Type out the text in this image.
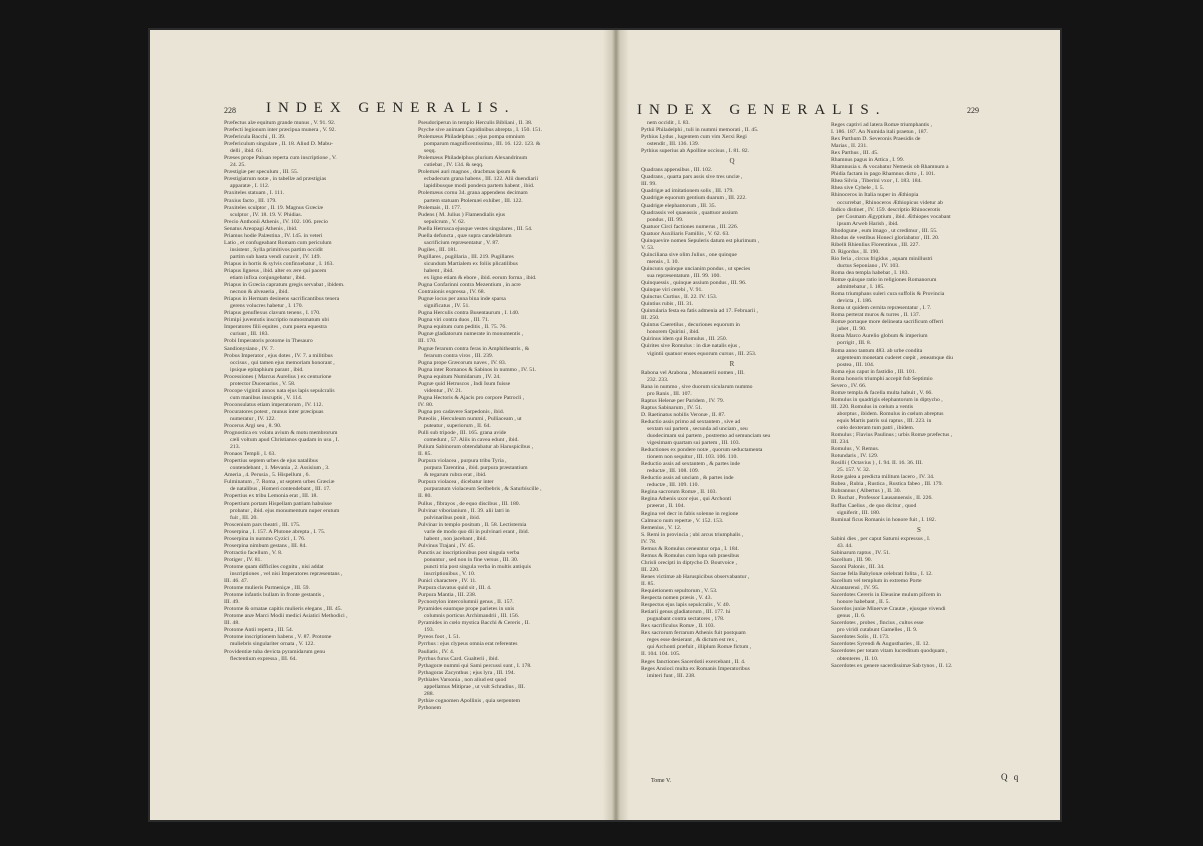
228 INDEX GENERALIS.
Præfectus alæ equitum grande munus , V. 91. 92.
Præfecti legionum inter præcipua munera , V. 92.
Præfericula Bacchi , II. 39.
Præfericulum singulare , II. 18. Aliud D. Mabu-
delli , ibid. 61.
Præses prope Paluan reperta cum inscriptione , V.
24. 25.
Præstigiæ per speculum , III. 55.
Præstigiatrum notæ , in tabellæ ad præstigias
apparatæ , I. 112.
Praxiteles statuam , I. 111.
Praxius facto , III. 179.
Praxiteles sculptor , II. 19. Magnus Græciæ
sculptor , IV. 18. 19. V. Phidias.
Precio Anthonii Athenis , IV. 102. 106. precio
Senatus Areopagi Athenis , ibid.
Priamus hodie Palæstina , IV. 145. in veteri
Latio , et confugeabant Romam cum periculum
insistent , Sylla primitivos partim occidit
partim sub hasta vendi curavit , IV. 149.
Priapus in hortis & sylvis confinxebatur , I. 163.
Priapus ligneus , ibid. alter ex ære qui pacem
etiam infixa conjungebatur , ibid.
Priapus in Græcia capratum gregis servabat , ibidem.
necnon & alveaeria , ibid.
Priapus in Hermam desinens sacrificantibus tenera
gerens volucres habetur , I. 170.
Priapus genuflexus clavum tenens , I. 170.
Primipi juventutis inscriptio numosmatum ubi
Imperatores filii equites , cum puera equestra
curiunt , III. 183.
Probi Imperatoris protome in Thesauro
Sandionysiano , IV. 7.
Probus Imperator , ejus dotes , IV. 7. a militibus
occisus , qui tamen ejus memoriam honorant ,
ipsique epitaphium parant , ibid.
Processiones ( Marcus Aurelius ) ex centurione
protector Ducenarius , V. 58.
Procope vigintii annos nata ejus lapis sepulcralis
cum manibus inscuptis , V. 114.
Proconsulatus etiam imperatorum , IV. 112.
Procuratores potest , munus inter præcipuas
numeratur , IV. 122.
Procerus Argi seu , 8. 90.
Prognostica ex volatu avium & motu membrorum
cæli voltum apud Christianos quadam in usu , I.
213.
Pronaos Templi , I. 63.
Propertius septem urbes de ejus natalibus
contendebant , 1. Mevania , 2. Assisium , 3.
Ameria , 4. Perusia , 5. Hispellum , 6.
Fulminatum , 7. Roma , ut septem urbes Græciæ
de natalibus , Homeri contendebant , III. 17.
Propertius ex tribu Lemonia erat , III. 18.
Propertium portam Hispellam patriam habuisse
probatur , ibid. ejus monumentum nuper erutum
fuit , III. 20.
Proscenium pars theatri , III. 175.
Proserpina , I. 157. A Plutone abrepta , I. 75.
Proserpina in nummo Cyzici , I. 76.
Proserpina nimbum gestans , III. 84.
Protractio facellum , V. 8.
Protiger , IV. 81.
Protome quam difficiles cognitu , nisi addat
inscriptiones , vel nisi Imperatores repræsentans ,
III. 46. 47.
Protome mulieris Parmeniçæ , III. 59.
Protome infantis bullam in fronte gestantis ,
III. 49.
Protome & ornatae capitis mulieris elegans , III. 45.
Protome anæ Marci Modii medici Asiatici Methodici ,
III. 48.
Protome Antii reperta , III. 54.
Protome inscriptionem habens , V. 87. Protome
muliebris singulariter ornata , V. 122.
Providentiæ tuba devicta pyramidarum genu
flectentium expressa , III. 64.
Pseudoriperun in templo Herculis Bibliani , II. 38.
Psyche sive animam Cupidinibus abrepta , I. 150. 151.
Ptolemæus Philadelphus ; ejus pompa omnium
pomparum magnificentissima , III. 16. 122. 123. &
seqq.
Ptolemæus Philadelphus plurium Alexandrinum
cutiebat , IV. 134. & seqq.
Ptolemæi auri magnos , dracbmas ipsum &
ecbadecum grana habens , III. 122. Alii duendiarii
lapidibusque modi pondera partem habent , ibid.
Ptolemæus cornu 34. grana appendens decimam
partem statuam Ptolemæi exhibet , III. 122.
Ptolemais , II. 177.
Pudens ( M. Julius ) Flamendialis ejus
sepulcrum , V. 62.
Puella Hetrusca ejusque vestes singulares , III. 54.
Puella defuncta , quæ supra candelabrum
sacrificium repræsentatur , V. 87.
Pugiles , III. 181.
Pugillares , pugillaria , III. 219. Pugillares
sicundum Martialem ex foliis plicatilibus
habent , ibid.
ex ligno etiam & ebore , ibid. eorum forma , ibid.
Pugna Confarinni contra Mezentium , in acre
Contraionis expressa , IV. 68.
Pugnæ locus per anna bina inde sparsa
significatus , IV. 51.
Pugna Herculis contra Busentaurum , I. 140.
Pugna viri contra duos , III. 71.
Pugna equitum cum peditis , II. 75. 76.
Pugnæ gladiatorum numerate in monumentis ,
III. 170.
Pugnæ ferarum contra feras in Amphitheatris , &
ferarum contra viros , III. 239.
Pugna prope Græcorum naves , IV. 83.
Pugna inter Romanos & Sabinos in nummo , IV. 51.
Pugna equitum Numidarum , IV. 24.
Pugnæ quid Hetruscos , Indi Isum fuisse
videntur , IV. 21.
Pugna Hectoris & Ajacis pro corpore Patrocli ,
IV. 80.
Pugna pro cadavere Sarpedonis , ibid.
Puteolis , Herculeum nummi , Pulliaceam , ut
puteatur , superiorum , II. 64.
Pulli sub tripode , III. 165. grana avide
comedunt , 57. Aliis in cavea edunt , ibid.
Pulium Sabinorum obtendabatur ab Haruspicibus ,
II. 85.
Purpura violacea , purpura tribu Tyria ,
purpura Tarentina , ibid. purpura præstantium
& tegarum rubra erat , ibid.
Purpura violacea , dicebatur inter
purpuratum violaceum Seribebris , & Saturbiscille ,
II. 80.
Pullus , fibrayos , de equo discibus , III. 180.
Pulvinar viborianium , II. 39. alii latri in
pulvinaribus ponit , ibid.
Pulvinar in templo positum , II. 58. Lectisternia
varie de modo quo dii in pulvinari erant , ibid.
habent , non jacebant , ibid.
Pulvinus Trajani , IV. 45.
Punctis ac inscriptionibus post singula verba
ponuntur , sed non in fine versus , III. 30.
puncti tria post singula verba in multis antiquis
inscriptionibus , V. 10.
Punici charactere , IV. 11.
Purpura clavatus quid sit , III. 4.
Purpura Mantia , III. 238.
Pycnostylon intercolumnii genus , II. 157.
Pyramides eaumque prope parietes in unis
columnis porticus Archimandrii , III. 156.
Pyramides in cœlo mystica Bacchi & Cereris , II.
193.
Pyreos foot , I. 51.
Pyrrhus : ejus clypeus omnia erat referentes
Pauliatis , IV. 4.
Pyrrhus furus Card. Gualterii , ibid.
Pythagoræ nummi qui Sami percussi sunt , I. 178.
Pythagoras Zacynthus ; ejus lyra , III. 194.
Pythiales Varsonia , non aliud est quod
appellamus Mitiprae , ut vult Schradius , III.
288.
Pythiæ cognomen Apollinis , quia serpentem
Pythonem
INDEX GENERALIS.	229
nem occidit , I. 83.
Pythii Philadelphi , tuli in nummi memorati , II. 45.
Pythius Lydus , lugentem cum vim Xerxi Regi
ostendit , III. 136. 139.
Pythius superius ab Apolline occisus , I. 81. 82.
Q
Quadrans appensibus , III. 102.
Quadrans , quarta pars assis sive tres unciæ ,
III. 99.
Quadrigæ ad imitationem solis , III. 179.
Quadrigæ equorum gentium duarum , III. 222.
Quadrigæ elephantorum , III. 35.
Quadrassis vel quaeassis , quattuor assium
pondus , III. 99.
Quatuor Circi factiones numerus , III. 226.
Quatuor Auxiliaris Familiis , V. 62. 63.
Quinquevire nomen Sepuleris datum est plurimum ,
V. 53.
Quinciliana sive olim Julius , one quinque
mensis , I. 10.
Quincunx quinque uncianim pondus , ut species
sua repræsentatum , III. 99. 100.
Quinquessis , quinque assium pondus , III. 96.
Quinque viri cerebi , V. 91.
Quinctus Curtius , II. 22. IV. 153.
Quintius rubis , III. 31.
Quintularia festa ea fatis admenia ad 17. Februarii ,
III. 250.
Quintus Caeretilus , decuriones equorum in
honorem Quirini , ibid.
Quirinus idem qui Romulus , III. 250.
Quirites sive Romulus : in diæ natalis ejus ,
vigintii quatuor enses equorum cursus , III. 253.
R
Rabona vel Arabona , Monasterii nomen , III.
232. 233.
Rana in nummo , sive duorum sicularum nummo
pro Ranis , III. 107.
Raptus Helenæ per Paridem , IV. 79.
Raptus Sabinarum , IV. 51.
D. Raetinatus nobilis Veronæ , II. 87.
Reductio assis primo ad sextantem , sive ad
sextam sui partem , secunda ad unciam , seu
duodecimam sui partem , postremo ad semunciam seu
vigesimam quartam sui partem , III. 103.
Reductiones ex pondere notæ , quorum seductamenta
tionem non sequitur , III. 103. 106. 110.
Reductio assis ad sextantem , & partes inde
reductæ , III. 108. 109.
Reductio assis ad unciam , & partes inde
reductæ , III. 109. 110.
Regina sacrorum Romæ , II. 103.
Regina Athenis uxor ejus , qui Archonti
præerat , II. 104.
Regina vel decr in fabis solenne in regione
Calmuco num repertæ , V. 152. 153.
Remenius , V. 12.
S. Remi in provincia ; ubi arcus triumphalis ,
IV. 78.
Remus & Romulus ceneuntur orpa , I. 184.
Remus & Romulus cum lupa sub praesibus
Chrisli orecipti in diptycho D. Boutvoice ,
III. 220.
Renes victimæ ab Haruspicibus observabantur ,
II. 85.
Requietionem sepultorum , V. 53.
Respecta nomen præsis , V. 43.
Respectus ejus lapis sepulcralis , V. 40.
Retiarii genus gladiatorum , III. 177. hi
pugnabant contra sectatores , 178.
Rex sacrificulus Romæ , II. 103.
Rex sacrorum ferrarum Athenis fuit postquam
reges esse desierant , & dictum est rex ,
qui Archonti præfuit , illiplum Romæ fictum ,
II. 104. 104. 105.
Reges fanctiones Sacerdotii exercebant , II. 4.
Reges Ansioci multa ex Romanis Imperatoribus
imiteri funt , III. 238.
Reges captivi ad latera Romæ triumphantis ,
I. 186. 187. An Numida itali praetun , 187.
Rex Parthum D. Severonis Praesidis de
Marias , II. 231.
Rex Parthus , III. 45.
Rhamnus pagus in Attica , I. 99.
Rhamnusia s. & vocabatur Nemesis ob Rhamnum a
Phidia factam in pago Rhamnus dicto , I. 101.
Rhea Silvia , Tiberini vxor , I. 183. 184.
Rhea sive Cybele , I. 5.
Rhinoceros in Italia nuper in Æthiopia
occurrebat , Rhinoceros Æthiopicus videtur ab
Indico distinet , IV. 159. descriptio Rhinocerotis
per Cosmam Ægyptium , ibid. Æthiopes vocabant
ipsum Arweb Harish , ibid.
Rhodogune , eum imago , ut credimur , III. 55.
Rhodus de vestibus Honeci gloriabatur , III. 20.
Ribelli Rhienlius Florentinus , III. 227.
D. Rigordus , II. 190.
Rio feria , circus frigidus , aquam minillustri
ductus Seponiano , IV. 103.
Roma dea templa habebat , I. 183.
Romæ quisque ratio in religiones Romanorum
admittebatur , I. 185.
Roma triumphans suleri cura suffolis & Provincia
devicta , I. 186.
Roma ut quidem cernita repræsentatur , I. 7.
Roma perterat muros & turres , II. 137.
Romæ portaque more delineata sacrificum offerri
jubet , II. 90.
Roma Marco Aurelio globum & imperium
porrigit , III. 8.
Roma anno tantum 483. ab urbe condita
argenteum monetam cuderet cœpit , æneamque diu
postea , III. 104.
Roma ejus caput in fastidio , III. 101.
Roma honoris triumphi accepit fub Septimio
Severo , IV. 66.
Romæ templa & facella multa habuit , V. 66.
Romulus in quadrigis elephantorum in diptycho ,
III. 220. Romulus in cœlum a ventis
aborptus , ibidem. Romulus in cœlum abreptus
equis Martis patris sui raptus , III. 223. in
cœlo dexteram tum patri , ibidem.
Romulus ; Flavius Paulinus ; urbis Romæ præfectus ,
III. 234.
Romulus , V. Remus.
Rotundaris , IV. 129.
Rosilli ( Octavius ) , I. 94. II. 16. 36. III.
25. 157. V. 32.
Rotæ galea a predicta militum lacero , IV. 34.
Rubea , Rubia , Rustica , Rustica fabeo , III. 179.
Rubrannus ( Albertus ) , II. 30.
D. Ruchat , Professor Lausannensis , II. 226.
Ruffus Caelius , de quo dicitur , quod
signiferit , III. 180.
Ruminal ficus Romanis in honore fuit , I. 182.
S
Sabini dies , per caput Saturni expressus , I.
43. 44.
Sabinarum raptus , IV. 51.
Sacellum , III. 90.
Saconi Palonis , III. 34.
Sacrae fella Babylonæ celebrati folita , I. 12.
Sacellum vel templum in extremo Porte
Alcantarensi , IV. 95.
Sacerdotes Cereris in Eleusine mulum pifcem in
honore habebant , II. 5.
Sacerdos juniæ Minervæ Crautæ , ejusque vivendi
genus , II. 6.
Sacerdotes , probes , fincius , cultos esse
pro viridi cutabunt Gamelles , II. 9.
Sacerdotes Solis , II. 173.
Sacerdotes Syrendi & Augustharies , II. 12.
Sacerdotes per totam vitam lucreditum quodquam ,
obtenteres , II. 10.
Sacerdotes ex genere sacerdissimæ Sab tynos , II. 12.
Tome V.	Q q
